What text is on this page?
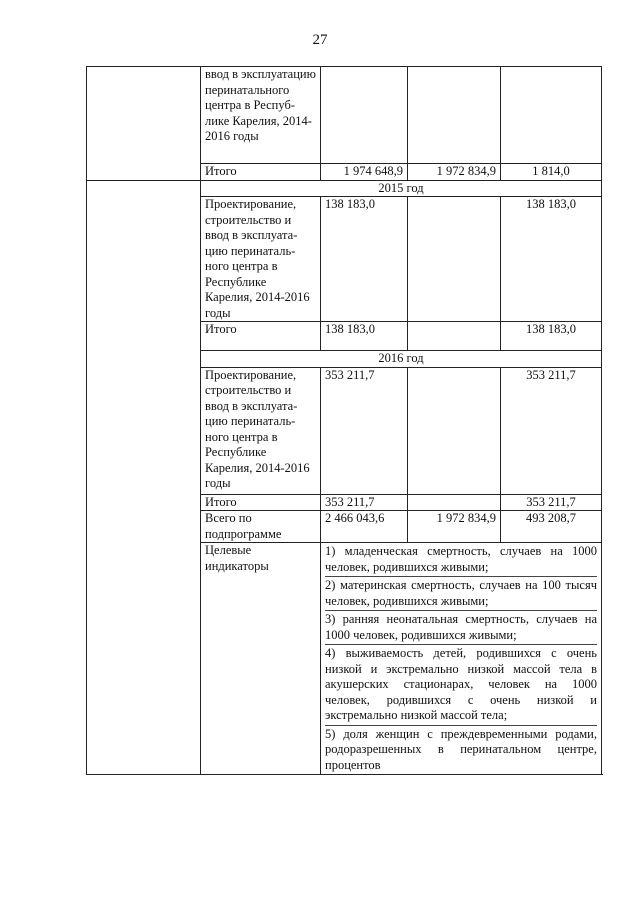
27
	ввод в эксплуатацию перинатального центра в Респуб-лике Карелия, 2014-2016 годы			
	Итого	1 974 648,9	1 972 834,9	1 814,0
	2015 год			
	Проектирование, строительство и ввод в эксплуата-цию перинаталь-ного центра в Республике Карелия, 2014-2016 годы	138 183,0		138 183,0
	Итого	138 183,0		138 183,0
	2016 год			
	Проектирование, строительство и ввод в эксплуата-цию перинаталь-ного центра в Республике Карелия, 2014-2016 годы	353 211,7		353 211,7
	Итого	353 211,7		353 211,7
	Всего по подпрограмме	2 466 043,6	1 972 834,9	493 208,7
	Целевые индикаторы	1) младенческая смертность, случаев на 1000 человек, родившихся живыми;
2) материнская смертность, случаев на 100 тысяч человек, родившихся живыми;
3) ранняя неонатальная смертность, случаев на 1000 человек, родившихся живыми;
4) выживаемость детей, родившихся с очень низкой и экстремально низкой массой тела в акушерских стационарах, человек на 1000 человек, родившихся с очень низкой и экстремально низкой массой тела;
5) доля женщин с преждевременными родами, родоразрешенных в перинатальном центре, процентов		
